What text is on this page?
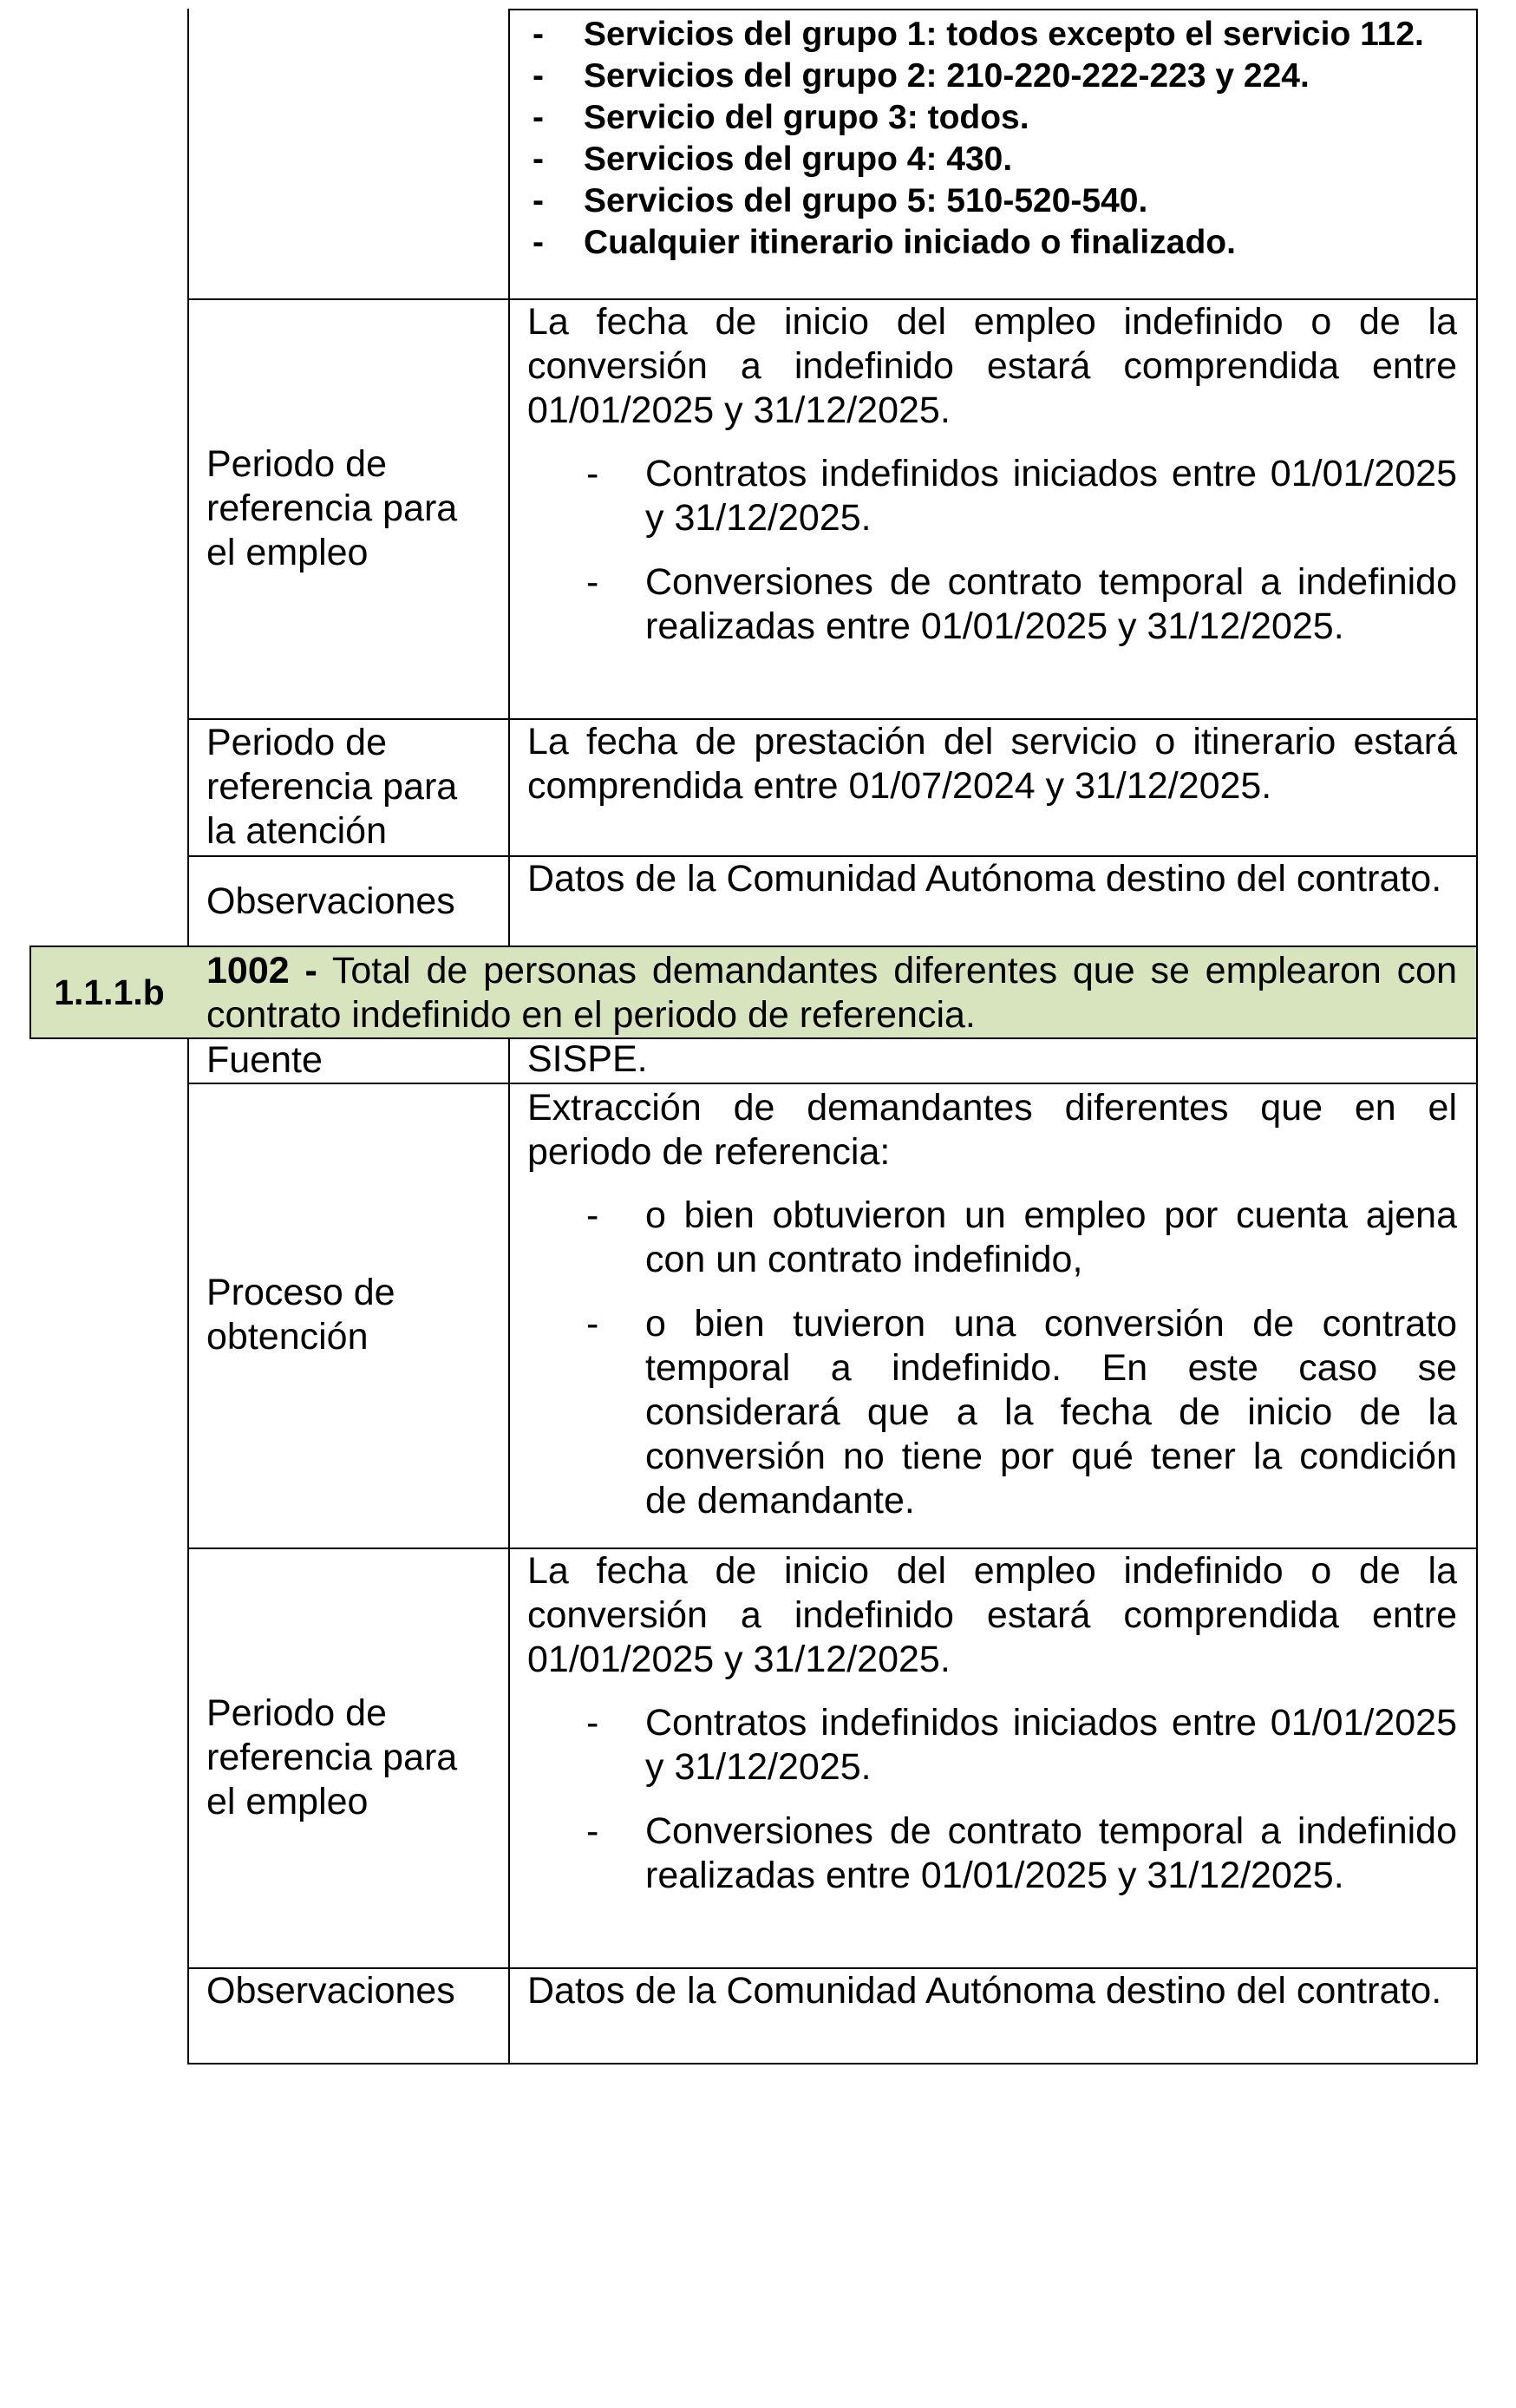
- Servicios del grupo 1: todos excepto el servicio 112.
- Servicios del grupo 2: 210-220-222-223 y 224.
- Servicio del grupo 3: todos.
- Servicios del grupo 4: 430.
- Servicios del grupo 5: 510-520-540.
- Cualquier itinerario iniciado o finalizado.
Periodo de referencia para el empleo

La fecha de inicio del empleo indefinido o de la conversión a indefinido estará comprendida entre 01/01/2025 y 31/12/2025.

- Contratos indefinidos iniciados entre 01/01/2025 y 31/12/2025.
- Conversiones de contrato temporal a indefinido realizadas entre 01/01/2025 y 31/12/2025.
Periodo de referencia para la atención

La fecha de prestación del servicio o itinerario estará comprendida entre 01/07/2024 y 31/12/2025.

Observaciones

Datos de la Comunidad Autónoma destino del contrato.

1.1.1.b

1002 - Total de personas demandantes diferentes que se emplearon con contrato indefinido en el periodo de referencia.

Fuente	SISPE.

Proceso de obtención

Extracción de demandantes diferentes que en el periodo de referencia:

- o bien obtuvieron un empleo por cuenta ajena con un contrato indefinido,
- o bien tuvieron una conversión de contrato temporal a indefinido. En este caso se considerará que a la fecha de inicio de la conversión no tiene por qué tener la condición de demandante.
Periodo de referencia para el empleo

La fecha de inicio del empleo indefinido o de la conversión a indefinido estará comprendida entre 01/01/2025 y 31/12/2025.

- Contratos indefinidos iniciados entre 01/01/2025 y 31/12/2025.
- Conversiones de contrato temporal a indefinido realizadas entre 01/01/2025 y 31/12/2025.
Observaciones Datos de la Comunidad Autónoma destino del contrato.
